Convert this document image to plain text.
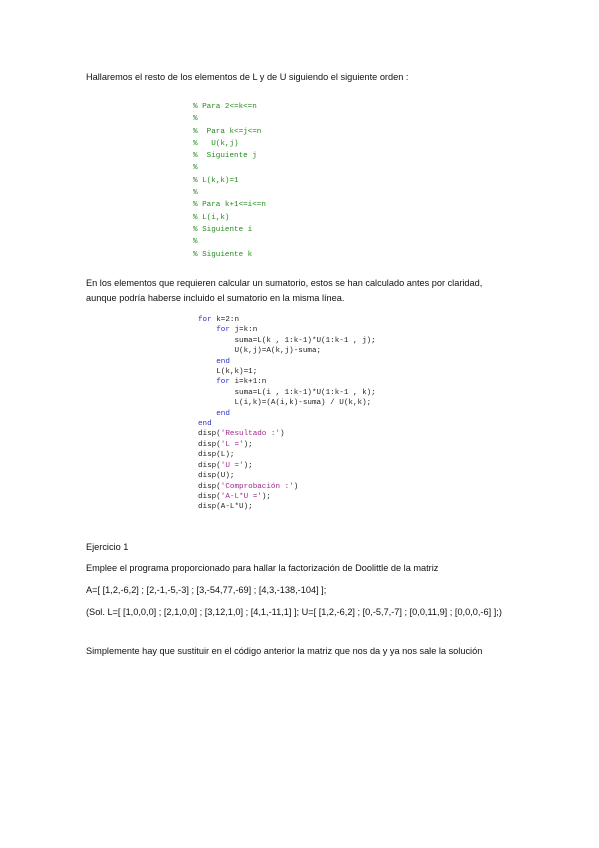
Hallaremos el resto de los elementos de L y de U siguiendo el siguiente orden :
% Para 2<=k<=n
%
%  Para k<=j<=n
%   U(k,j)
%  Siguiente j
%
% L(k,k)=1
%
% Para k+1<=i<=n
% L(i,k)
% Siguiente i
%
% Siguiente k
En los elementos que requieren calcular un sumatorio, estos se han calculado antes por claridad, aunque podría haberse incluido el sumatorio en la misma línea.
for k=2:n
for j=k:n
suma=L(k , 1:k-1)*U(1:k-1 , j);
U(k,j)=A(k,j)-suma;
end
L(k,k)=1;
for i=k+1:n
suma=L(i , 1:k-1)*U(1:k-1 , k);
L(i,k)=(A(i,k)-suma) / U(k,k);
end
end
disp('Resultado :')
disp('L =');
disp(L);
disp('U =');
disp(U);
disp('Comprobación :')
disp('A-L*U =');
disp(A-L*U);
Ejercicio 1
Emplee el programa proporcionado para hallar la factorización de Doolittle de la matriz
A=[ [1,2,-6,2] ; [2,-1,-5,-3] ; [3,-54,77,-69] ; [4,3,-138,-104] ];
(Sol. L=[ [1,0,0,0] ; [2,1,0,0] ; [3,12,1,0] ; [4,1,-11,1] ]; U=[ [1,2,-6,2] ; [0,-5,7,-7] ; [0,0,11,9] ; [0,0,0,-6] ];)
Simplemente hay que sustituir en el código anterior la matriz que nos da y ya nos sale la solución
